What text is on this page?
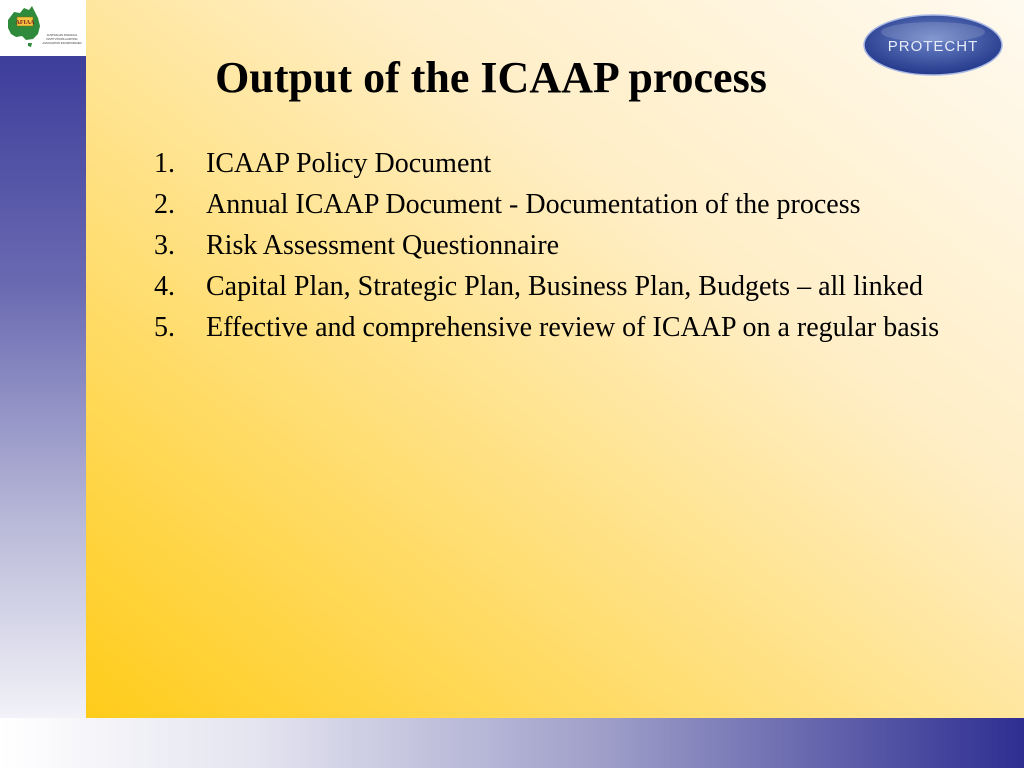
AFIAA
AUSTRALIAN FINANCIAL
INSTITUTIONS AUDITING
ASSOCIATION INCORPORATED	PROTECHT
Output of the ICAAP process
1. ICAAP Policy Document
2. Annual ICAAP Document - Documentation of the process
3. Risk Assessment Questionnaire
4. Capital Plan, Strategic Plan, Business Plan, Budgets – all linked
5. Effective and comprehensive review of ICAAP on a regular basis
